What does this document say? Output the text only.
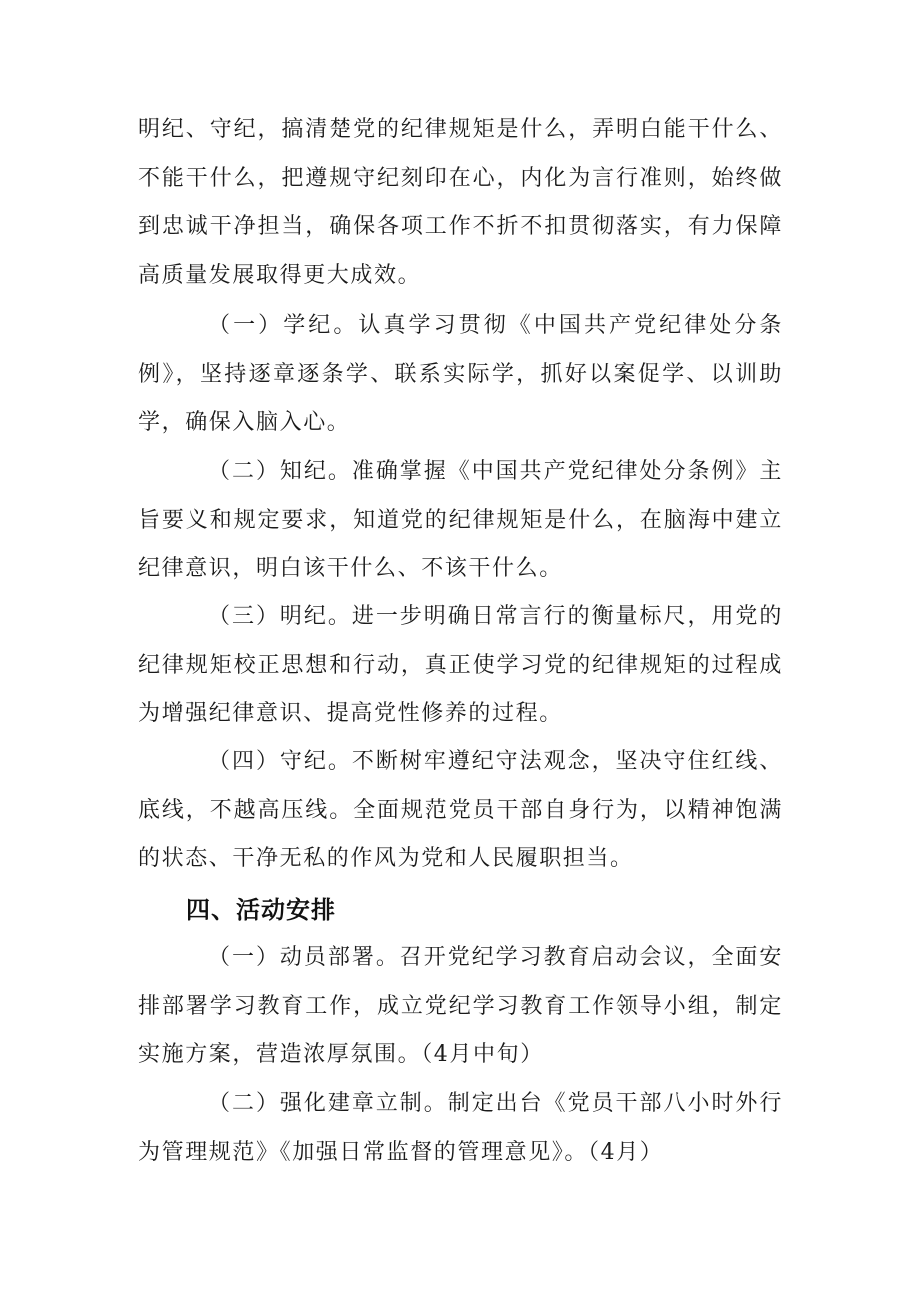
明纪、守纪，搞清楚党的纪律规矩是什么，弄明白能干什么、不能干什么，把遵规守纪刻印在心，内化为言行准则，始终做到忠诚干净担当，确保各项工作不折不扣贯彻落实，有力保障高质量发展取得更大成效。

（一）学纪。认真学习贯彻《中国共产党纪律处分条例》，坚持逐章逐条学、联系实际学，抓好以案促学、以训助学，确保入脑入心。

（二）知纪。准确掌握《中国共产党纪律处分条例》主旨要义和规定要求，知道党的纪律规矩是什么，在脑海中建立纪律意识，明白该干什么、不该干什么。

（三）明纪。进一步明确日常言行的衡量标尺，用党的纪律规矩校正思想和行动，真正使学习党的纪律规矩的过程成为增强纪律意识、提高党性修养的过程。

（四）守纪。不断树牢遵纪守法观念，坚决守住红线、底线，不越高压线。全面规范党员干部自身行为，以精神饱满的状态、干净无私的作风为党和人民履职担当。

四、活动安排

（一）动员部署。召开党纪学习教育启动会议，全面安排部署学习教育工作，成立党纪学习教育工作领导小组，制定实施方案，营造浓厚氛围。（4月中旬）

（二）强化建章立制。制定出台《党员干部八小时外行为管理规范》《加强日常监督的管理意见》。（4月）
